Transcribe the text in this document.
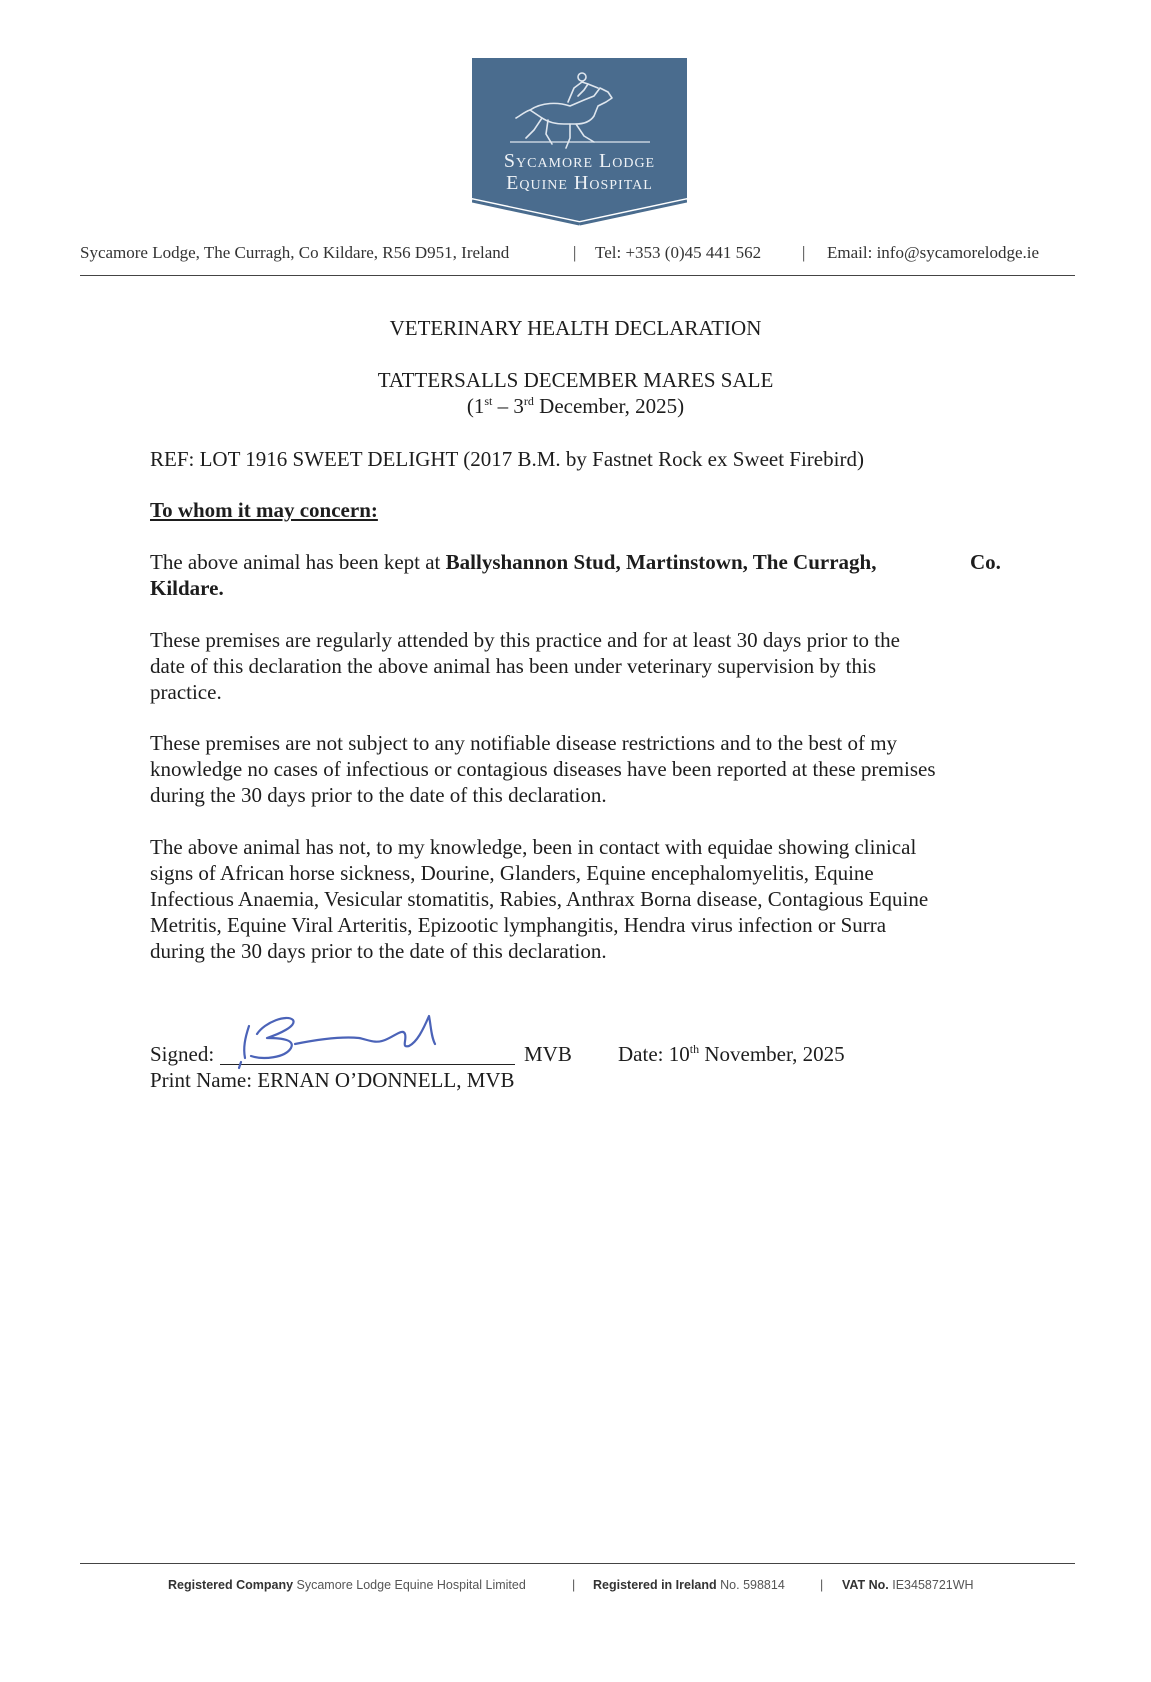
Sycamore Lodge
Equine Hospital
Sycamore Lodge, The Curragh, Co Kildare, R56 D951, Ireland	| Tel: +353 (0)45 441 562 | Email: info@sycamorelodge.ie
VETERINARY HEALTH DECLARATION
TATTERSALLS DECEMBER MARES SALE
(1st – 3rd December, 2025)
REF: LOT 1916 SWEET DELIGHT (2017 B.M. by Fastnet Rock ex Sweet Firebird)
To whom it may concern:
The above animal has been kept at Ballyshannon Stud, Martinstown, The Curragh,	Co.
Kildare.
These premises are regularly attended by this practice and for at least 30 days prior to the
date of this declaration the above animal has been under veterinary supervision by this
practice.
These premises are not subject to any notifiable disease restrictions and to the best of my
knowledge no cases of infectious or contagious diseases have been reported at these premises
during the 30 days prior to the date of this declaration.
The above animal has not, to my knowledge, been in contact with equidae showing clinical
signs of African horse sickness, Dourine, Glanders, Equine encephalomyelitis, Equine
Infectious Anaemia, Vesicular stomatitis, Rabies, Anthrax Borna disease, Contagious Equine
Metritis, Equine Viral Arteritis, Epizootic lymphangitis, Hendra virus infection or Surra
during the 30 days prior to the date of this declaration.
Signed:	MVB Date: 10th November, 2025
Print Name: ERNAN O’DONNELL, MVB
Registered Company Sycamore Lodge Equine Hospital Limited	| Registered in Ireland No. 598814	| VAT No. IE3458721WH
